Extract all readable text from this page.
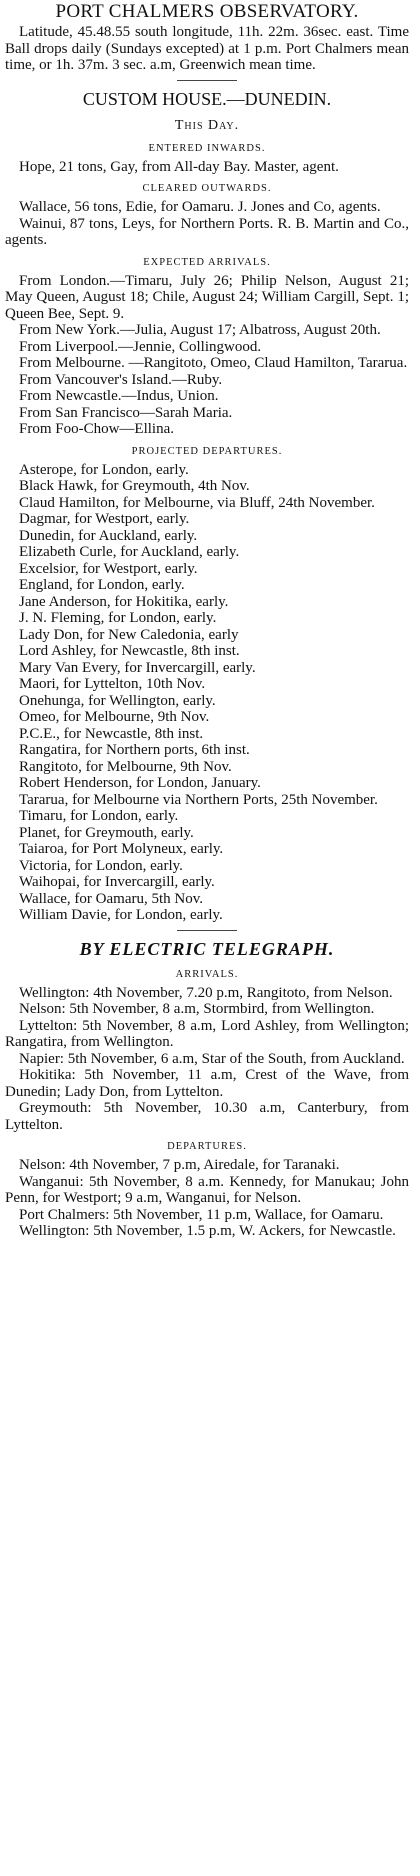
PORT CHALMERS OBSERVATORY.

Latitude, 45.48.55 south longitude, 11h. 22m. 36sec. east. Time Ball drops daily (Sundays excepted) at 1 p.m. Port Chalmers mean time, or 1h. 37m. 3 sec. a.m, Greenwich mean time.

CUSTOM HOUSE.—DUNEDIN.
This Day.
ENTERED INWARDS.
Hope, 21 tons, Gay, from All-day Bay. Master, agent.
CLEARED OUTWARDS.
Wallace, 56 tons, Edie, for Oamaru. J. Jones and Co, agents.
Wainui, 87 tons, Leys, for Northern Ports. R. B. Martin and Co., agents.
EXPECTED ARRIVALS.
From London.—Timaru, July 26; Philip Nelson, August 21; May Queen, August 18; Chile, August 24; William Cargill, Sept. 1; Queen Bee, Sept. 9.
From New York.—Julia, August 17; Albatross, August 20th.
From Liverpool.—Jennie, Collingwood.
From Melbourne. —Rangitoto, Omeo, Claud Hamilton, Tararua.
From Vancouver's Island.—Ruby.
From Newcastle.—Indus, Union.
From San Francisco—Sarah Maria.
From Foo-Chow—Ellina.
PROJECTED DEPARTURES.
Asterope, for London, early.
Black Hawk, for Greymouth, 4th Nov.
Claud Hamilton, for Melbourne, via Bluff, 24th November.
Dagmar, for Westport, early.
Dunedin, for Auckland, early.
Elizabeth Curle, for Auckland, early.
Excelsior, for Westport, early.
England, for London, early.
Jane Anderson, for Hokitika, early.
J. N. Fleming, for London, early.
Lady Don, for New Caledonia, early
Lord Ashley, for Newcastle, 8th inst.
Mary Van Every, for Invercargill, early.
Maori, for Lyttelton, 10th Nov.
Onehunga, for Wellington, early.
Omeo, for Melbourne, 9th Nov.
P.C.E., for Newcastle, 8th inst.
Rangatira, for Northern ports, 6th inst.
Rangitoto, for Melbourne, 9th Nov.
Robert Henderson, for London, January.
Tararua, for Melbourne via Northern Ports, 25th November.
Timaru, for London, early.
Planet, for Greymouth, early.
Taiaroa, for Port Molyneux, early.
Victoria, for London, early.
Waihopai, for Invercargill, early.
Wallace, for Oamaru, 5th Nov.
William Davie, for London, early.
BY ELECTRIC TELEGRAPH.
ARRIVALS.
Wellington: 4th November, 7.20 p.m, Rangitoto, from Nelson.
Nelson: 5th November, 8 a.m, Stormbird, from Wellington.
Lyttelton: 5th November, 8 a.m, Lord Ashley, from Wellington; Rangatira, from Wellington.
Napier: 5th November, 6 a.m, Star of the South, from Auckland.
Hokitika: 5th November, 11 a.m, Crest of the Wave, from Dunedin; Lady Don, from Lyttelton.
Greymouth: 5th November, 10.30 a.m, Canterbury, from Lyttelton.
DEPARTURES.
Nelson: 4th November, 7 p.m, Airedale, for Taranaki.
Wanganui: 5th November, 8 a.m. Kennedy, for Manukau; John Penn, for Westport; 9 a.m, Wanganui, for Nelson.
Port Chalmers: 5th November, 11 p.m, Wallace, for Oamaru.
Wellington: 5th November, 1.5 p.m, W. Ackers, for Newcastle.
